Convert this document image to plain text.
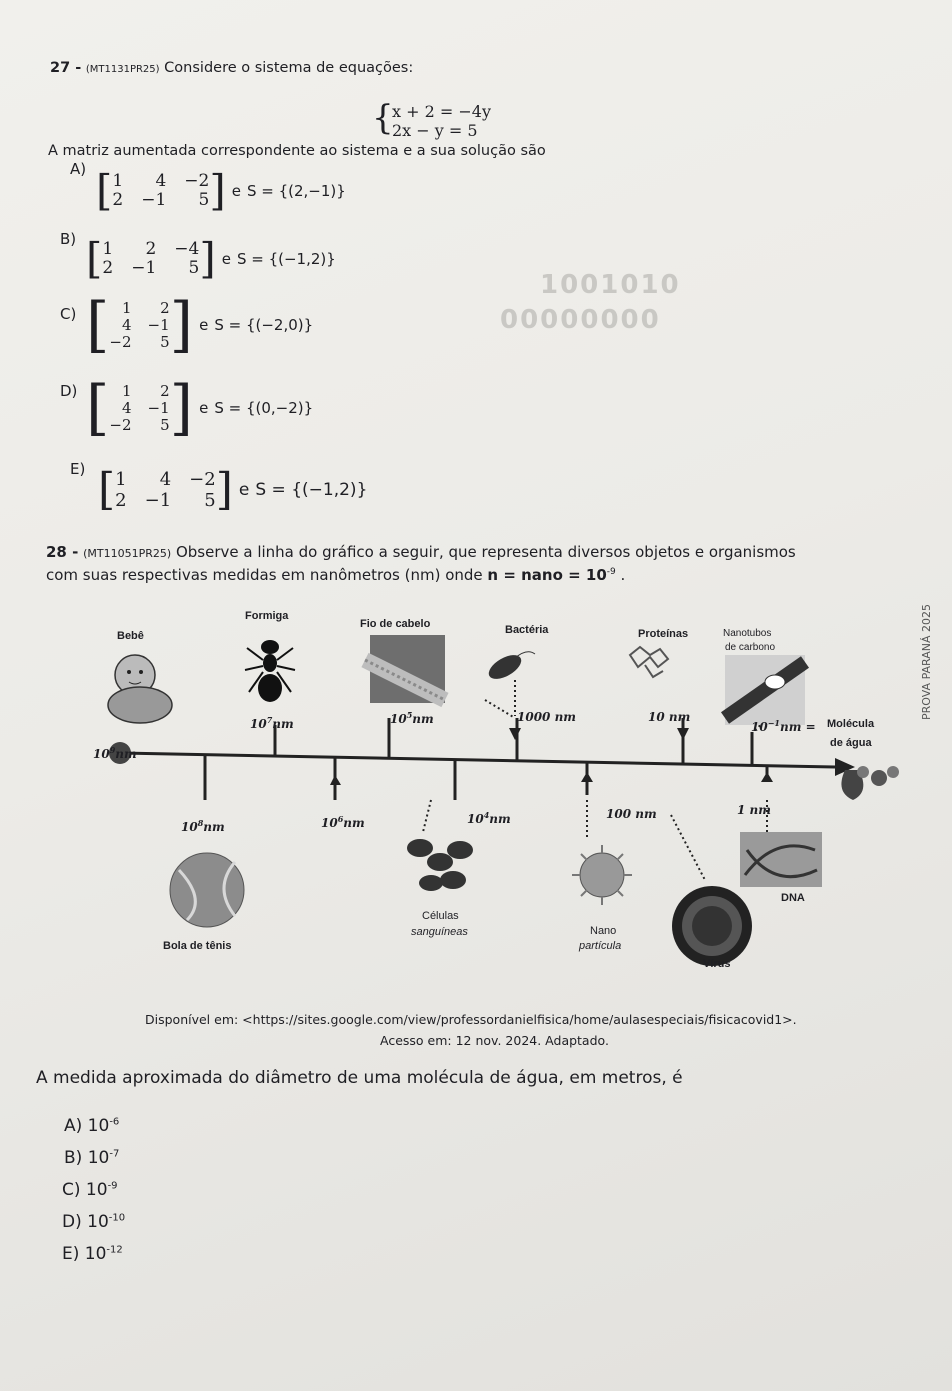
1001010
00000000
PROVA PARANÁ 2025
27 - (MT1131PR25) Considere o sistema de equações:
{
x + 2 = −4y
2x − y = 5
A matriz aumentada correspondente ao sistema e a sua solução são
A) [ 1	4 −2
2 −1	5 ] e S = {(2,−1)}
B) [ 1	2 −4
2 −1	5 ] e S = {(−1,2)}
C) [ 1	2
4 −1
−2	5 ] e S = {(−2,0)}
D) [ 1	2
4 −1
−2	5 ] e S = {(0,−2)}
E) [ 1	4 −2
2 −1	5 ] e S = {(−1,2)}
28 - (MT11051PR25) Observe a linha do gráfico a seguir, que representa diversos objetos e organismos
com suas respectivas medidas em nanômetros (nm) onde n = nano = $10^{-9}$ .
Bebê
Formiga
Fio de cabelo	Bactéria	Proteínas	Nanotubos
de carbono
Molécula
de água
$10^7nm$	$10^5nm$	1000 nm	10 nm
$10^9nm$
$10^{-1}nm$ =
$10^8nm$	$10^6nm$	$10^4nm$	100 nm	1 nm
Bola de tênis
Células
sanguíneas	Nano
partícula
Vírus
DNA
Disponível em: <https://sites.google.com/view/professordanielfisica/home/aulasespeciais/fisicacovid1>.
Acesso em: 12 nov. 2024. Adaptado.
A medida aproximada do diâmetro de uma molécula de água, em metros, é
A) $10^{-6}$
B) $10^{-7}$
C) $10^{-9}$
D) $10^{-10}$
E) $10^{-12}$
